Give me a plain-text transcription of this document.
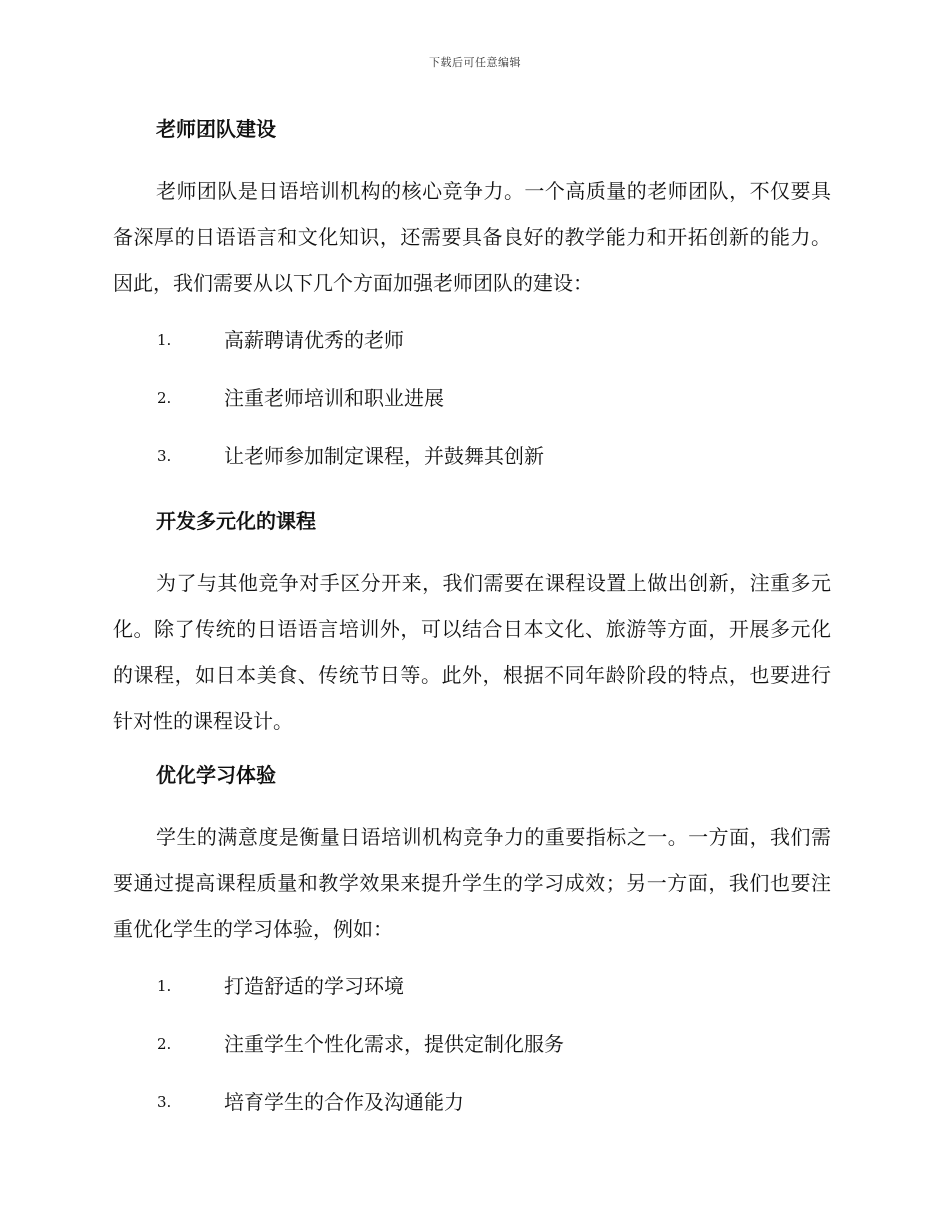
下载后可任意编辑
老师团队建设

老师团队是日语培训机构的核心竞争力。一个高质量的老师团队，不仅要具备深厚的日语语言和文化知识，还需要具备良好的教学能力和开拓创新的能力。因此，我们需要从以下几个方面加强老师团队的建设：

1.	高薪聘请优秀的老师
2.	注重老师培训和职业进展
3.	让老师参加制定课程，并鼓舞其创新
开发多元化的课程

为了与其他竞争对手区分开来，我们需要在课程设置上做出创新，注重多元化。除了传统的日语语言培训外，可以结合日本文化、旅游等方面，开展多元化的课程，如日本美食、传统节日等。此外，根据不同年龄阶段的特点，也要进行针对性的课程设计。

优化学习体验

学生的满意度是衡量日语培训机构竞争力的重要指标之一。一方面，我们需要通过提高课程质量和教学效果来提升学生的学习成效；另一方面，我们也要注重优化学生的学习体验，例如：

1.	打造舒适的学习环境
2.	注重学生个性化需求，提供定制化服务
3.	培育学生的合作及沟通能力
